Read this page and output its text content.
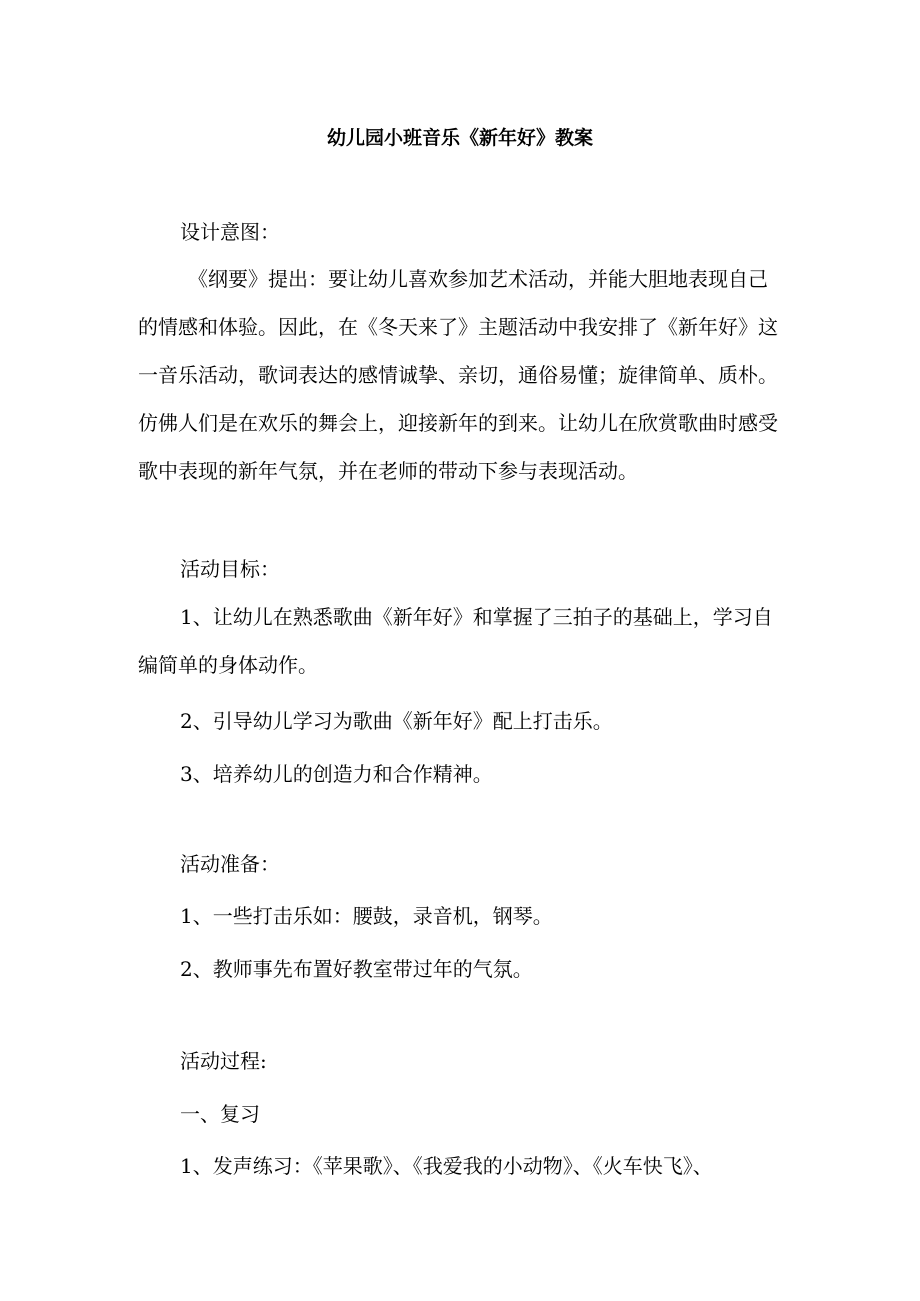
幼儿园小班音乐《新年好》教案
设计意图：
《纲要》提出：要让幼儿喜欢参加艺术活动，并能大胆地表现自己
的情感和体验。因此，在《冬天来了》主题活动中我安排了《新年好》这
一音乐活动，歌词表达的感情诚挚、亲切，通俗易懂；旋律简单、质朴。
仿佛人们是在欢乐的舞会上，迎接新年的到来。让幼儿在欣赏歌曲时感受
歌中表现的新年气氛，并在老师的带动下参与表现活动。
活动目标：
1、让幼儿在熟悉歌曲《新年好》和掌握了三拍子的基础上，学习自
编简单的身体动作。
2、引导幼儿学习为歌曲《新年好》配上打击乐。
3、培养幼儿的创造力和合作精神。
活动准备：
1、一些打击乐如：腰鼓，录音机，钢琴。
2、教师事先布置好教室带过年的气氛。
活动过程:
一、复习
1、发声练习：《苹果歌》、《我爱我的小动物》、《火车快飞》、
